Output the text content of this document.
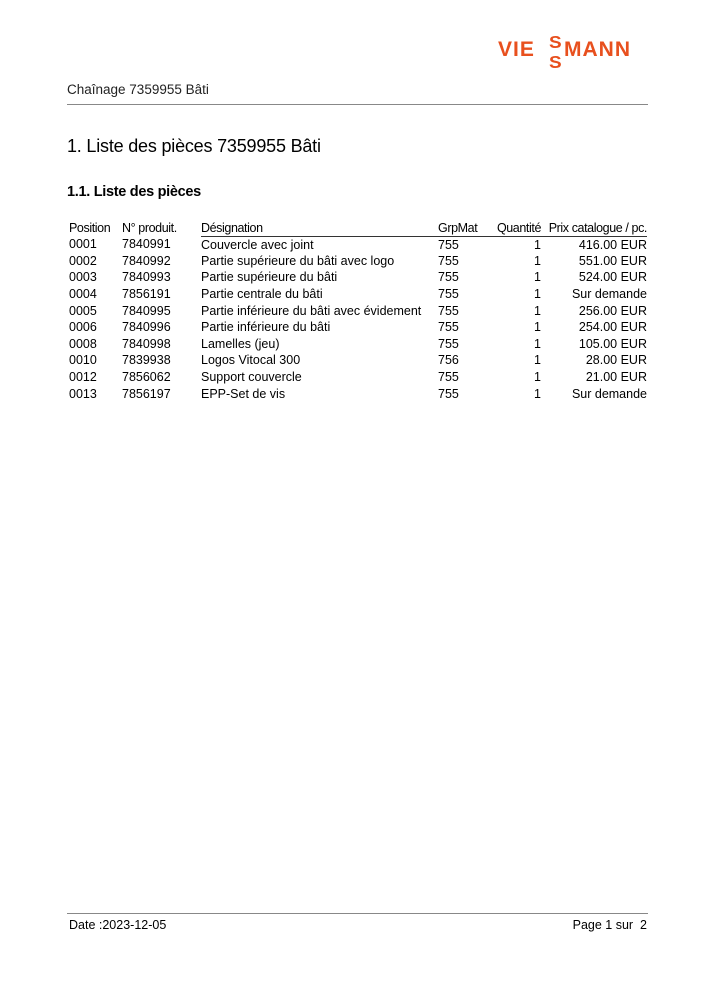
VIE S
S
MANN
Chaînage 7359955 Bâti
1. Liste des pièces 7359955 Bâti
1.1. Liste des pièces
Position	N° produit.	Désignation	GrpMat	Quantité	Prix catalogue / pc.
0001	7840991	Couvercle avec joint	755	1	416.00 EUR
0002	7840992	Partie supérieure du bâti avec logo	755	1	551.00 EUR
0003	7840993	Partie supérieure du bâti	755	1	524.00 EUR
0004	7856191	Partie centrale du bâti	755	1	Sur demande
0005	7840995	Partie inférieure du bâti avec évidement	755	1	256.00 EUR
0006	7840996	Partie inférieure du bâti	755	1	254.00 EUR
0008	7840998	Lamelles (jeu)	755	1	105.00 EUR
0010	7839938	Logos Vitocal 300	756	1	28.00 EUR
0012	7856062	Support couvercle	755	1	21.00 EUR
0013	7856197	EPP-Set de vis	755	1	Sur demande
Date :2023-12-05	Page 1 sur  2
